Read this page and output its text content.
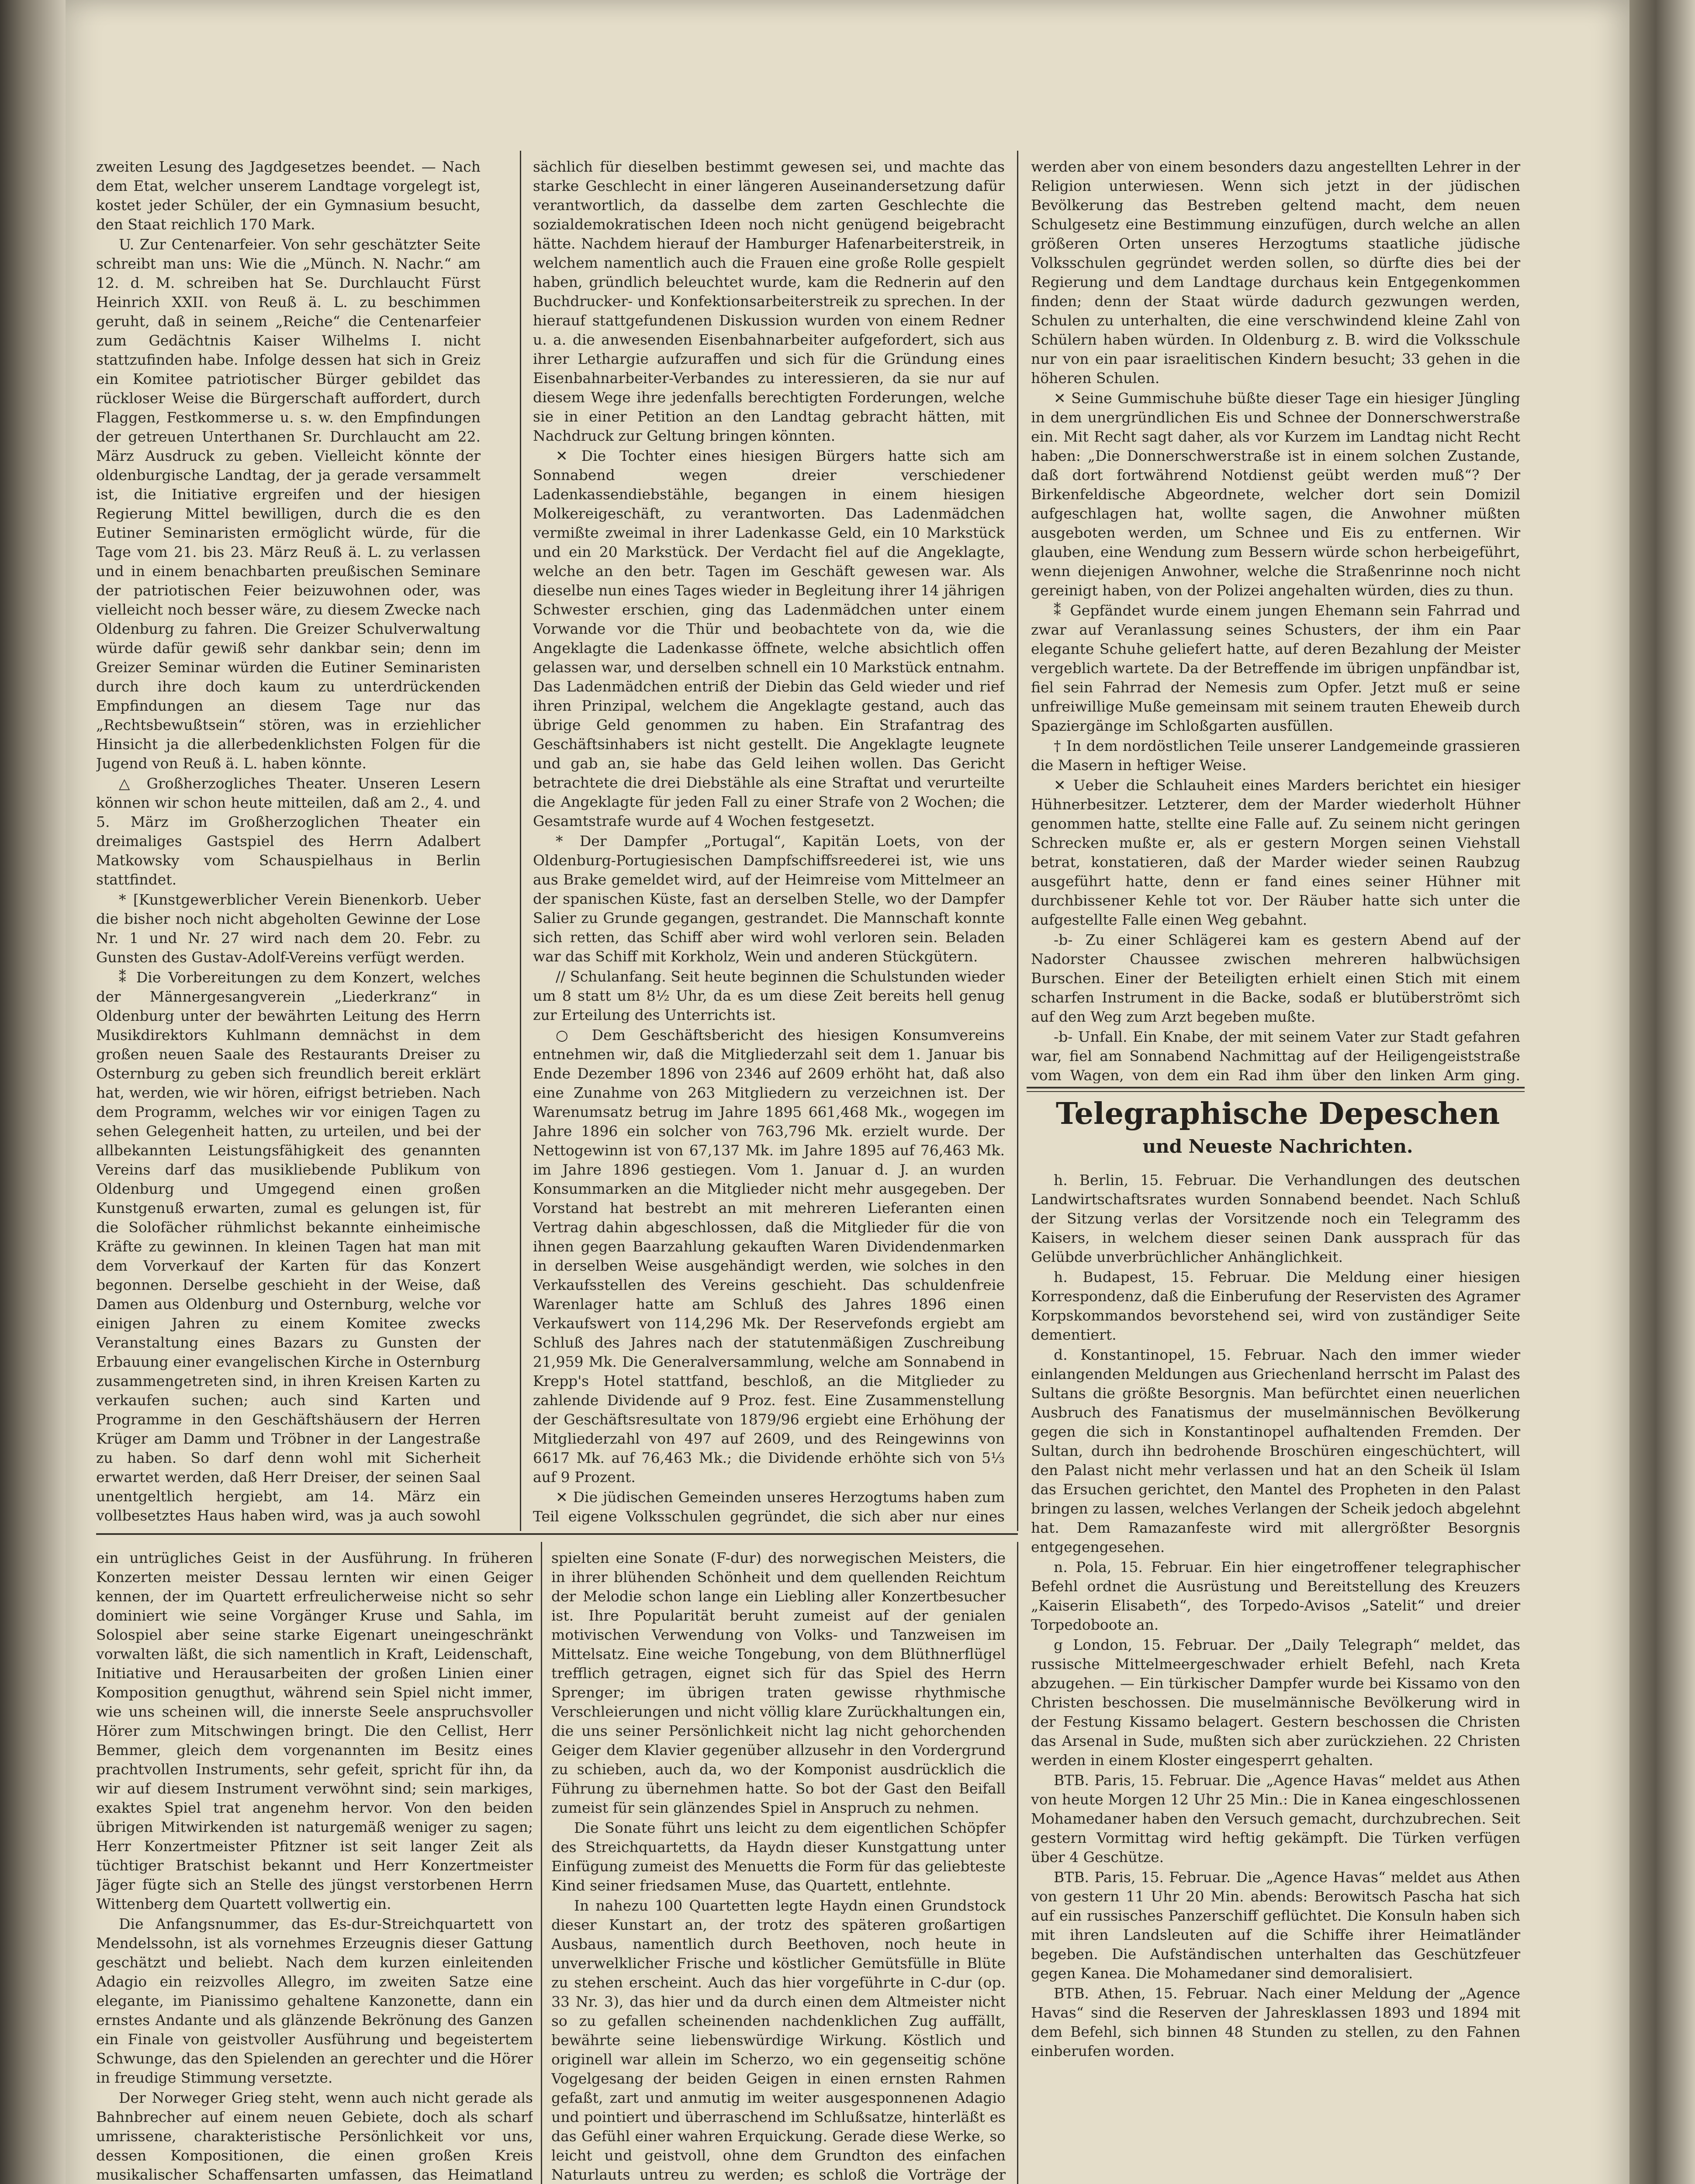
zweiten Lesung des Jagdgesetzes beendet. — Nach dem Etat, welcher unserem Landtage vorgelegt ist, kostet jeder Schüler, der ein Gymnasium besucht, den Staat reichlich 170 Mark.

U. Zur Centenarfeier. Von sehr geschätzter Seite schreibt man uns: Wie die „Münch. N. Nachr.“ am 12. d. M. schreiben hat Se. Durchlaucht Fürst Heinrich XXII. von Reuß ä. L. zu beschimmen geruht, daß in seinem „Reiche“ die Centenarfeier zum Gedächtnis Kaiser Wilhelms I. nicht stattzufinden habe. Infolge dessen hat sich in Greiz ein Komitee patriotischer Bürger gebildet das rückloser Weise die Bürgerschaft auffordert, durch Flaggen, Festkommerse u. s. w. den Empfindungen der getreuen Unterthanen Sr. Durchlaucht am 22. März Ausdruck zu geben. Vielleicht könnte der oldenburgische Landtag, der ja gerade versammelt ist, die Initiative ergreifen und der hiesigen Regierung Mittel bewilligen, durch die es den Eutiner Seminaristen ermöglicht würde, für die Tage vom 21. bis 23. März Reuß ä. L. zu verlassen und in einem benachbarten preußischen Seminare der patriotischen Feier beizuwohnen oder, was vielleicht noch besser wäre, zu diesem Zwecke nach Oldenburg zu fahren. Die Greizer Schulverwaltung würde dafür gewiß sehr dankbar sein; denn im Greizer Seminar würden die Eutiner Seminaristen durch ihre doch kaum zu unterdrückenden Empfindungen an diesem Tage nur das „Rechtsbewußtsein“ stören, was in erziehlicher Hinsicht ja die allerbedenklichsten Folgen für die Jugend von Reuß ä. L. haben könnte.

△ Großherzogliches Theater. Unseren Lesern können wir schon heute mitteilen, daß am 2., 4. und 5. März im Großherzoglichen Theater ein dreimaliges Gastspiel des Herrn Adalbert Matkowsky vom Schauspielhaus in Berlin stattfindet.

* [Kunstgewerblicher Verein Bienenkorb. Ueber die bisher noch nicht abgeholten Gewinne der Lose Nr. 1 und Nr. 27 wird nach dem 20. Febr. zu Gunsten des Gustav-Adolf-Vereins verfügt werden.

⁑ Die Vorbereitungen zu dem Konzert, welches der Männergesangverein „Liederkranz“ in Oldenburg unter der bewährten Leitung des Herrn Musikdirektors Kuhlmann demnächst in dem großen neuen Saale des Restaurants Dreiser zu Osternburg zu geben sich freundlich bereit erklärt hat, werden, wie wir hören, eifrigst betrieben. Nach dem Programm, welches wir vor einigen Tagen zu sehen Gelegenheit hatten, zu urteilen, und bei der allbekannten Leistungsfähigkeit des genannten Vereins darf das musikliebende Publikum von Oldenburg und Umgegend einen großen Kunstgenuß erwarten, zumal es gelungen ist, für die Solofächer rühmlichst bekannte einheimische Kräfte zu gewinnen. In kleinen Tagen hat man mit dem Vorverkauf der Karten für das Konzert begonnen. Derselbe geschieht in der Weise, daß Damen aus Oldenburg und Osternburg, welche vor einigen Jahren zu einem Komitee zwecks Veranstaltung eines Bazars zu Gunsten der Erbauung einer evangelischen Kirche in Osternburg zusammengetreten sind, in ihren Kreisen Karten zu verkaufen suchen; auch sind Karten und Programme in den Geschäftshäusern der Herren Krüger am Damm und Tröbner in der Langestraße zu haben. So darf denn wohl mit Sicherheit erwartet werden, daß Herr Dreiser, der seinen Saal unentgeltlich hergiebt, am 14. März ein vollbesetztes Haus haben wird, was ja auch sowohl

sächlich für dieselben bestimmt gewesen sei, und machte das starke Geschlecht in einer längeren Auseinandersetzung dafür verantwortlich, da dasselbe dem zarten Geschlechte die sozialdemokratischen Ideen noch nicht genügend beigebracht hätte. Nachdem hierauf der Hamburger Hafenarbeiterstreik, in welchem namentlich auch die Frauen eine große Rolle gespielt haben, gründlich beleuchtet wurde, kam die Rednerin auf den Buchdrucker- und Konfektionsarbeiterstreik zu sprechen. In der hierauf stattgefundenen Diskussion wurden von einem Redner u. a. die anwesenden Eisenbahnarbeiter aufgefordert, sich aus ihrer Lethargie aufzuraffen und sich für die Gründung eines Eisenbahnarbeiter-Verbandes zu interessieren, da sie nur auf diesem Wege ihre jedenfalls berechtigten Forderungen, welche sie in einer Petition an den Landtag gebracht hätten, mit Nachdruck zur Geltung bringen könnten.

✕ Die Tochter eines hiesigen Bürgers hatte sich am Sonnabend wegen dreier verschiedener Ladenkassendiebstähle, begangen in einem hiesigen Molkereigeschäft, zu verantworten. Das Ladenmädchen vermißte zweimal in ihrer Ladenkasse Geld, ein 10 Markstück und ein 20 Markstück. Der Verdacht fiel auf die Angeklagte, welche an den betr. Tagen im Geschäft gewesen war. Als dieselbe nun eines Tages wieder in Begleitung ihrer 14 jährigen Schwester erschien, ging das Ladenmädchen unter einem Vorwande vor die Thür und beobachtete von da, wie die Angeklagte die Ladenkasse öffnete, welche absichtlich offen gelassen war, und derselben schnell ein 10 Markstück entnahm. Das Ladenmädchen entriß der Diebin das Geld wieder und rief ihren Prinzipal, welchem die Angeklagte gestand, auch das übrige Geld genommen zu haben. Ein Strafantrag des Geschäftsinhabers ist nicht gestellt. Die Angeklagte leugnete und gab an, sie habe das Geld leihen wollen. Das Gericht betrachtete die drei Diebstähle als eine Straftat und verurteilte die Angeklagte für jeden Fall zu einer Strafe von 2 Wochen; die Gesamtstrafe wurde auf 4 Wochen festgesetzt.

* Der Dampfer „Portugal“, Kapitän Loets, von der Oldenburg-Portugiesischen Dampfschiffsreederei ist, wie uns aus Brake gemeldet wird, auf der Heimreise vom Mittelmeer an der spanischen Küste, fast an derselben Stelle, wo der Dampfer Salier zu Grunde gegangen, gestrandet. Die Mannschaft konnte sich retten, das Schiff aber wird wohl verloren sein. Beladen war das Schiff mit Korkholz, Wein und anderen Stückgütern.

// Schulanfang. Seit heute beginnen die Schulstunden wieder um 8 statt um 8½ Uhr, da es um diese Zeit bereits hell genug zur Erteilung des Unterrichts ist.

○ Dem Geschäftsbericht des hiesigen Konsumvereins entnehmen wir, daß die Mitgliederzahl seit dem 1. Januar bis Ende Dezember 1896 von 2346 auf 2609 erhöht hat, daß also eine Zunahme von 263 Mitgliedern zu verzeichnen ist. Der Warenumsatz betrug im Jahre 1895 661,468 Mk., wogegen im Jahre 1896 ein solcher von 763,796 Mk. erzielt wurde. Der Nettogewinn ist von 67,137 Mk. im Jahre 1895 auf 76,463 Mk. im Jahre 1896 gestiegen. Vom 1. Januar d. J. an wurden Konsummarken an die Mitglieder nicht mehr ausgegeben. Der Vorstand hat bestrebt an mit mehreren Lieferanten einen Vertrag dahin abgeschlossen, daß die Mitglieder für die von ihnen gegen Baarzahlung gekauften Waren Dividendenmarken in derselben Weise ausgehändigt werden, wie solches in den Verkaufsstellen des Vereins geschieht. Das schuldenfreie Warenlager hatte am Schluß des Jahres 1896 einen Verkaufswert von 114,296 Mk. Der Reservefonds ergiebt am Schluß des Jahres nach der statutenmäßigen Zuschreibung 21,959 Mk. Die Generalversammlung, welche am Sonnabend in Krepp's Hotel stattfand, beschloß, an die Mitglieder zu zahlende Dividende auf 9 Proz. fest. Eine Zusammenstellung der Geschäftsresultate von 1879/96 ergiebt eine Erhöhung der Mitgliederzahl von 497 auf 2609, und des Reingewinns von 6617 Mk. auf 76,463 Mk.; die Dividende erhöhte sich von 5⅓ auf 9 Prozent.

✕ Die jüdischen Gemeinden unseres Herzogtums haben zum Teil eigene Volksschulen gegründet, die sich aber nur eines

werden aber von einem besonders dazu angestellten Lehrer in der Religion unterwiesen. Wenn sich jetzt in der jüdischen Bevölkerung das Bestreben geltend macht, dem neuen Schulgesetz eine Bestimmung einzufügen, durch welche an allen größeren Orten unseres Herzogtums staatliche jüdische Volksschulen gegründet werden sollen, so dürfte dies bei der Regierung und dem Landtage durchaus kein Entgegenkommen finden; denn der Staat würde dadurch gezwungen werden, Schulen zu unterhalten, die eine verschwindend kleine Zahl von Schülern haben würden. In Oldenburg z. B. wird die Volksschule nur von ein paar israelitischen Kindern besucht; 33 gehen in die höheren Schulen.

✕ Seine Gummischuhe büßte dieser Tage ein hiesiger Jüngling in dem unergründlichen Eis und Schnee der Donnerschwerstraße ein. Mit Recht sagt daher, als vor Kurzem im Landtag nicht Recht haben: „Die Donnerschwerstraße ist in einem solchen Zustande, daß dort fortwährend Notdienst geübt werden muß“? Der Birkenfeldische Abgeordnete, welcher dort sein Domizil aufgeschlagen hat, wollte sagen, die Anwohner müßten ausgeboten werden, um Schnee und Eis zu entfernen. Wir glauben, eine Wendung zum Bessern würde schon herbeigeführt, wenn diejenigen Anwohner, welche die Straßenrinne noch nicht gereinigt haben, von der Polizei angehalten würden, dies zu thun.

⁑ Gepfändet wurde einem jungen Ehemann sein Fahrrad und zwar auf Veranlassung seines Schusters, der ihm ein Paar elegante Schuhe geliefert hatte, auf deren Bezahlung der Meister vergeblich wartete. Da der Betreffende im übrigen unpfändbar ist, fiel sein Fahrrad der Nemesis zum Opfer. Jetzt muß er seine unfreiwillige Muße gemeinsam mit seinem trauten Eheweib durch Spaziergänge im Schloßgarten ausfüllen.

† In dem nordöstlichen Teile unserer Landgemeinde grassieren die Masern in heftiger Weise.

✕ Ueber die Schlauheit eines Marders berichtet ein hiesiger Hühnerbesitzer. Letzterer, dem der Marder wiederholt Hühner genommen hatte, stellte eine Falle auf. Zu seinem nicht geringen Schrecken mußte er, als er gestern Morgen seinen Viehstall betrat, konstatieren, daß der Marder wieder seinen Raubzug ausgeführt hatte, denn er fand eines seiner Hühner mit durchbissener Kehle tot vor. Der Räuber hatte sich unter die aufgestellte Falle einen Weg gebahnt.

-b- Zu einer Schlägerei kam es gestern Abend auf der Nadorster Chaussee zwischen mehreren halbwüchsigen Burschen. Einer der Beteiligten erhielt einen Stich mit einem scharfen Instrument in die Backe, sodaß er blutüberströmt sich auf den Weg zum Arzt begeben mußte.

-b- Unfall. Ein Knabe, der mit seinem Vater zur Stadt gefahren war, fiel am Sonnabend Nachmittag auf der Heiligengeiststraße vom Wagen, von dem ein Rad ihm über den linken Arm ging.

Telegraphische Depeschen
und Neueste Nachrichten.

h. Berlin, 15. Februar. Die Verhandlungen des deutschen Landwirtschaftsrates wurden Sonnabend beendet. Nach Schluß der Sitzung verlas der Vorsitzende noch ein Telegramm des Kaisers, in welchem dieser seinen Dank aussprach für das Gelübde unverbrüchlicher Anhänglichkeit.

h. Budapest, 15. Februar. Die Meldung einer hiesigen Korrespondenz, daß die Einberufung der Reservisten des Agramer Korpskommandos bevorstehend sei, wird von zuständiger Seite dementiert.

d. Konstantinopel, 15. Februar. Nach den immer wieder einlangenden Meldungen aus Griechenland herrscht im Palast des Sultans die größte Besorgnis. Man befürchtet einen neuerlichen Ausbruch des Fanatismus der muselmännischen Bevölkerung gegen die sich in Konstantinopel aufhaltenden Fremden. Der Sultan, durch ihn bedrohende Broschüren eingeschüchtert, will den Palast nicht mehr verlassen und hat an den Scheik ül Islam das Ersuchen gerichtet, den Mantel des Propheten in den Palast bringen zu lassen, welches Verlangen der Scheik jedoch abgelehnt hat. Dem Ramazanfeste wird mit allergrößter Besorgnis entgegengesehen.

n. Pola, 15. Februar. Ein hier eingetroffener telegraphischer Befehl ordnet die Ausrüstung und Bereitstellung des Kreuzers „Kaiserin Elisabeth“, des Torpedo-Avisos „Satelit“ und dreier Torpedoboote an.

g London, 15. Februar. Der „Daily Telegraph“ meldet, das russische Mittelmeergeschwader erhielt Befehl, nach Kreta abzugehen. — Ein türkischer Dampfer wurde bei Kissamo von den Christen beschossen. Die muselmännische Bevölkerung wird in der Festung Kissamo belagert. Gestern beschossen die Christen das Arsenal in Sude, mußten sich aber zurückziehen. 22 Christen werden in einem Kloster eingesperrt gehalten.

BTB. Paris, 15. Februar. Die „Agence Havas“ meldet aus Athen von heute Morgen 12 Uhr 25 Min.: Die in Kanea eingeschlossenen Mohamedaner haben den Versuch gemacht, durchzubrechen. Seit gestern Vormittag wird heftig gekämpft. Die Türken verfügen über 4 Geschütze.

BTB. Paris, 15. Februar. Die „Agence Havas“ meldet aus Athen von gestern 11 Uhr 20 Min. abends: Berowitsch Pascha hat sich auf ein russisches Panzerschiff geflüchtet. Die Konsuln haben sich mit ihren Landsleuten auf die Schiffe ihrer Heimatländer begeben. Die Aufständischen unterhalten das Geschützfeuer gegen Kanea. Die Mohamedaner sind demoralisiert.

BTB. Athen, 15. Februar. Nach einer Meldung der „Agence Havas“ sind die Reserven der Jahresklassen 1893 und 1894 mit dem Befehl, sich binnen 48 Stunden zu stellen, zu den Fahnen einberufen worden.

ein untrügliches Geist in der Ausführung. In früheren Konzerten meister Dessau lernten wir einen Geiger kennen, der im Quartett erfreulicherweise nicht so sehr dominiert wie seine Vorgänger Kruse und Sahla, im Solospiel aber seine starke Eigenart uneingeschränkt vorwalten läßt, die sich namentlich in Kraft, Leidenschaft, Initiative und Herausarbeiten der großen Linien einer Komposition genugthut, während sein Spiel nicht immer, wie uns scheinen will, die innerste Seele anspruchsvoller Hörer zum Mitschwingen bringt. Die den Cellist, Herr Bemmer, gleich dem vorgenannten im Besitz eines prachtvollen Instruments, sehr gefeit, spricht für ihn, da wir auf diesem Instrument verwöhnt sind; sein markiges, exaktes Spiel trat angenehm hervor. Von den beiden übrigen Mitwirkenden ist naturgemäß weniger zu sagen; Herr Konzertmeister Pfitzner ist seit langer Zeit als tüchtiger Bratschist bekannt und Herr Konzertmeister Jäger fügte sich an Stelle des jüngst verstorbenen Herrn Wittenberg dem Quartett vollwertig ein.

Die Anfangsnummer, das Es-dur-Streichquartett von Mendelssohn, ist als vornehmes Erzeugnis dieser Gattung geschätzt und beliebt. Nach dem kurzen einleitenden Adagio ein reizvolles Allegro, im zweiten Satze eine elegante, im Pianissimo gehaltene Kanzonette, dann ein ernstes Andante und als glänzende Bekrönung des Ganzen ein Finale von geistvoller Ausführung und begeistertem Schwunge, das den Spielenden an gerechter und die Hörer in freudige Stimmung versetzte.

Der Norweger Grieg steht, wenn auch nicht gerade als Bahnbrecher auf einem neuen Gebiete, doch als scharf umrissene, charakteristische Persönlichkeit vor uns, dessen Kompositionen, die einen großen Kreis musikalischer Schaffensarten umfassen, das Heimatland

spielten eine Sonate (F-dur) des norwegischen Meisters, die in ihrer blühenden Schönheit und dem quellenden Reichtum der Melodie schon lange ein Liebling aller Konzertbesucher ist. Ihre Popularität beruht zumeist auf der genialen motivischen Verwendung von Volks- und Tanzweisen im Mittelsatz. Eine weiche Tongebung, von dem Blüthnerflügel trefflich getragen, eignet sich für das Spiel des Herrn Sprenger; im übrigen traten gewisse rhythmische Verschleierungen und nicht völlig klare Zurückhaltungen ein, die uns seiner Persönlichkeit nicht lag nicht gehorchenden Geiger dem Klavier gegenüber allzusehr in den Vordergrund zu schieben, auch da, wo der Komponist ausdrücklich die Führung zu übernehmen hatte. So bot der Gast den Beifall zumeist für sein glänzendes Spiel in Anspruch zu nehmen.

Die Sonate führt uns leicht zu dem eigentlichen Schöpfer des Streichquartetts, da Haydn dieser Kunstgattung unter Einfügung zumeist des Menuetts die Form für das geliebteste Kind seiner friedsamen Muse, das Quartett, entlehnte.

In nahezu 100 Quartetten legte Haydn einen Grundstock dieser Kunstart an, der trotz des späteren großartigen Ausbaus, namentlich durch Beethoven, noch heute in unverwelklicher Frische und köstlicher Gemütsfülle in Blüte zu stehen erscheint. Auch das hier vorgeführte in C-dur (op. 33 Nr. 3), das hier und da durch einen dem Altmeister nicht so zu gefallen scheinenden nachdenklichen Zug auffällt, bewährte seine liebenswürdige Wirkung. Köstlich und originell war allein im Scherzo, wo ein gegenseitig schöne Vogelgesang der beiden Geigen in einen ernsten Rahmen gefaßt, zart und anmutig im weiter ausgesponnenen Adagio und pointiert und überraschend im Schlußsatze, hinterläßt es das Gefühl einer wahren Erquickung. Gerade diese Werke, so leicht und geistvoll, ohne dem Grundton des einfachen Naturlauts untreu zu werden; es schloß die Vorträge der
